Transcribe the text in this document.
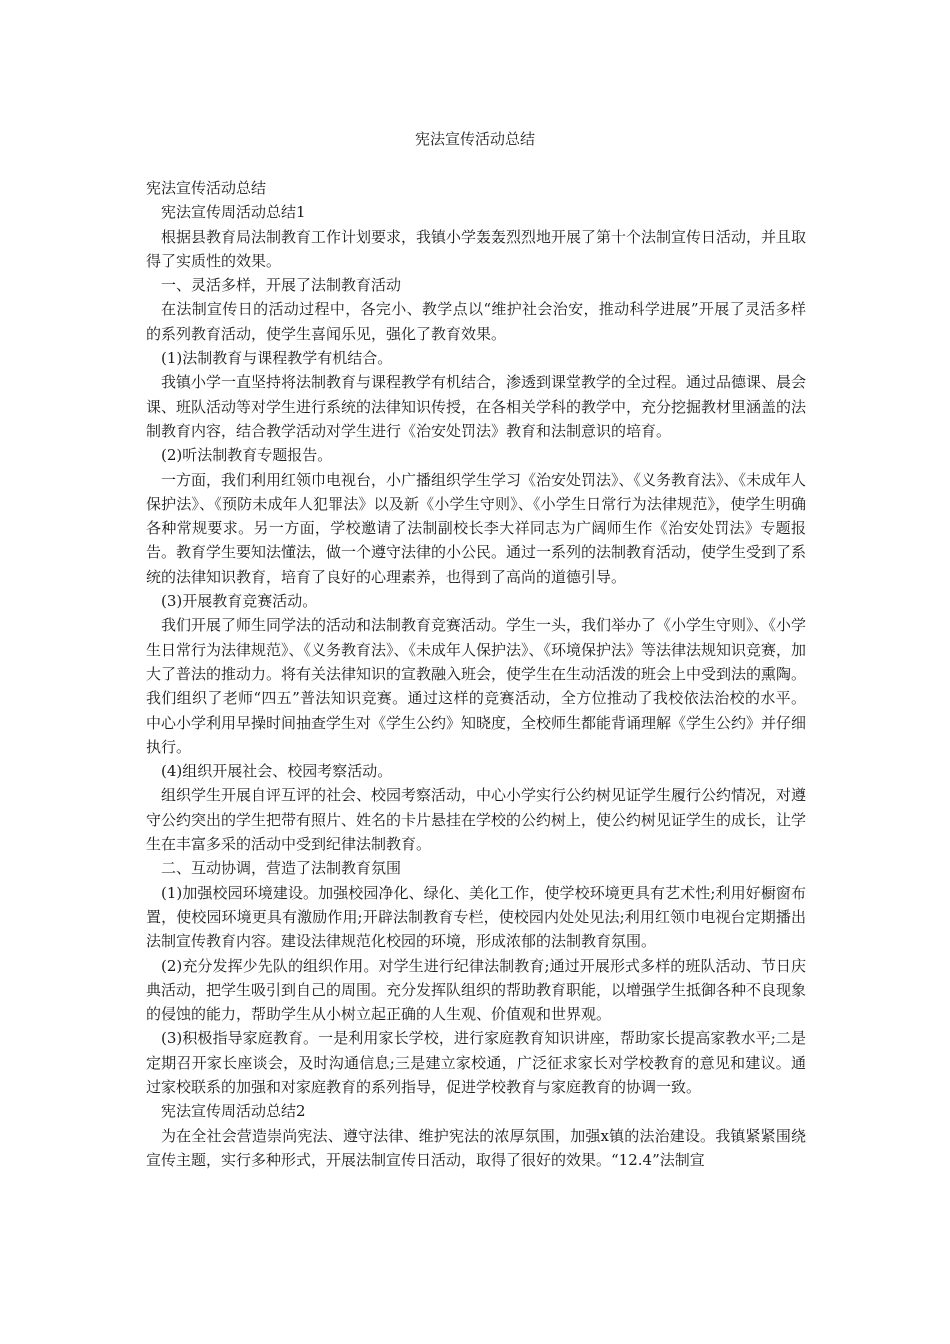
宪法宣传活动总结

宪法宣传活动总结

宪法宣传周活动总结1

根据县教育局法制教育工作计划要求，我镇小学轰轰烈烈地开展了第十个法制宣传日活动，并且取得了实质性的效果。

一、灵活多样，开展了法制教育活动

在法制宣传日的活动过程中，各完小、教学点以“维护社会治安，推动科学进展”开展了灵活多样的系列教育活动，使学生喜闻乐见，强化了教育效果。

(1)法制教育与课程教学有机结合。

我镇小学一直坚持将法制教育与课程教学有机结合，渗透到课堂教学的全过程。通过品德课、晨会课、班队活动等对学生进行系统的法律知识传授，在各相关学科的教学中，充分挖掘教材里涵盖的法制教育内容，结合教学活动对学生进行《治安处罚法》教育和法制意识的培育。

(2)听法制教育专题报告。

一方面，我们利用红领巾电视台，小广播组织学生学习《治安处罚法》、《义务教育法》、《未成年人保护法》、《预防未成年人犯罪法》以及新《小学生守则》、《小学生日常行为法律规范》，使学生明确各种常规要求。另一方面，学校邀请了法制副校长李大祥同志为广阔师生作《治安处罚法》专题报告。教育学生要知法懂法，做一个遵守法律的小公民。通过一系列的法制教育活动，使学生受到了系统的法律知识教育，培育了良好的心理素养，也得到了高尚的道德引导。

(3)开展教育竞赛活动。

我们开展了师生同学法的活动和法制教育竞赛活动。学生一头，我们举办了《小学生守则》、《小学生日常行为法律规范》、《义务教育法》、《未成年人保护法》、《环境保护法》等法律法规知识竞赛，加大了普法的推动力。将有关法律知识的宣教融入班会，使学生在生动活泼的班会上中受到法的熏陶。我们组织了老师“四五”普法知识竞赛。通过这样的竞赛活动，全方位推动了我校依法治校的水平。中心小学利用早操时间抽查学生对《学生公约》知晓度，全校师生都能背诵理解《学生公约》并仔细执行。

(4)组织开展社会、校园考察活动。

组织学生开展自评互评的社会、校园考察活动，中心小学实行公约树见证学生履行公约情况，对遵守公约突出的学生把带有照片、姓名的卡片悬挂在学校的公约树上，使公约树见证学生的成长，让学生在丰富多采的活动中受到纪律法制教育。

二、互动协调，营造了法制教育氛围

(1)加强校园环境建设。加强校园净化、绿化、美化工作，使学校环境更具有艺术性;利用好橱窗布置，使校园环境更具有激励作用;开辟法制教育专栏，使校园内处处见法;利用红领巾电视台定期播出法制宣传教育内容。建设法律规范化校园的环境，形成浓郁的法制教育氛围。

(2)充分发挥少先队的组织作用。对学生进行纪律法制教育;通过开展形式多样的班队活动、节日庆典活动，把学生吸引到自己的周围。充分发挥队组织的帮助教育职能，以增强学生抵御各种不良现象的侵蚀的能力，帮助学生从小树立起正确的人生观、价值观和世界观。

(3)积极指导家庭教育。一是利用家长学校，进行家庭教育知识讲座，帮助家长提高家教水平;二是定期召开家长座谈会，及时沟通信息;三是建立家校通，广泛征求家长对学校教育的意见和建议。通过家校联系的加强和对家庭教育的系列指导，促进学校教育与家庭教育的协调一致。

宪法宣传周活动总结2

为在全社会营造崇尚宪法、遵守法律、维护宪法的浓厚氛围，加强x镇的法治建设。我镇紧紧围绕宣传主题，实行多种形式，开展法制宣传日活动，取得了很好的效果。“12.4”法制宣
